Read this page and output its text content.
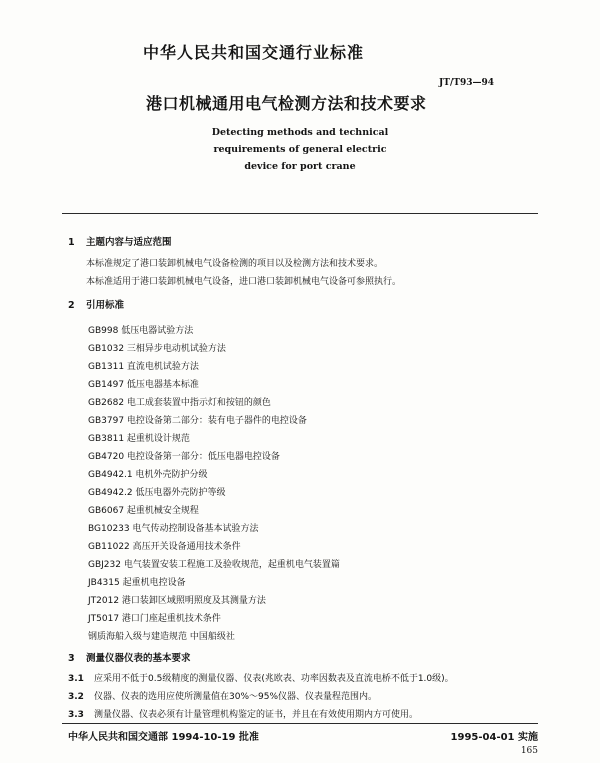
中华人民共和国交通行业标准
JT/T93—94
港口机械通用电气检测方法和技术要求
Detecting methods and technical
requirements of general electric
device for port crane
1 主题内容与适应范围
本标准规定了港口装卸机械电气设备检测的项目以及检测方法和技术要求。
本标准适用于港口装卸机械电气设备，进口港口装卸机械电气设备可参照执行。
2 引用标准
GB998 低压电器试验方法
GB1032 三相异步电动机试验方法
GB1311 直流电机试验方法
GB1497 低压电器基本标准
GB2682 电工成套装置中指示灯和按钮的颜色
GB3797 电控设备第二部分：装有电子器件的电控设备
GB3811 起重机设计规范
GB4720 电控设备第一部分：低压电器电控设备
GB4942.1 电机外壳防护分级
GB4942.2 低压电器外壳防护等级
GB6067 起重机械安全规程
BG10233 电气传动控制设备基本试验方法
GB11022 高压开关设备通用技术条件
GBJ232 电气装置安装工程施工及验收规范，起重机电气装置篇
JB4315 起重机电控设备
JT2012 港口装卸区域照明照度及其测量方法
JT5017 港口门座起重机技术条件
钢质海船入级与建造规范 中国船级社
3 测量仪器仪表的基本要求
3.1 应采用不低于0.5级精度的测量仪器、仪表(兆欧表、功率因数表及直流电桥不低于1.0级)。
3.2 仪器、仪表的选用应使所测量值在30%～95%仪器、仪表量程范围内。
3.3 测量仪器、仪表必须有计量管理机构鉴定的证书，并且在有效使用期内方可使用。
中华人民共和国交通部 1994-10-19 批准	1995-04-01 实施
165
